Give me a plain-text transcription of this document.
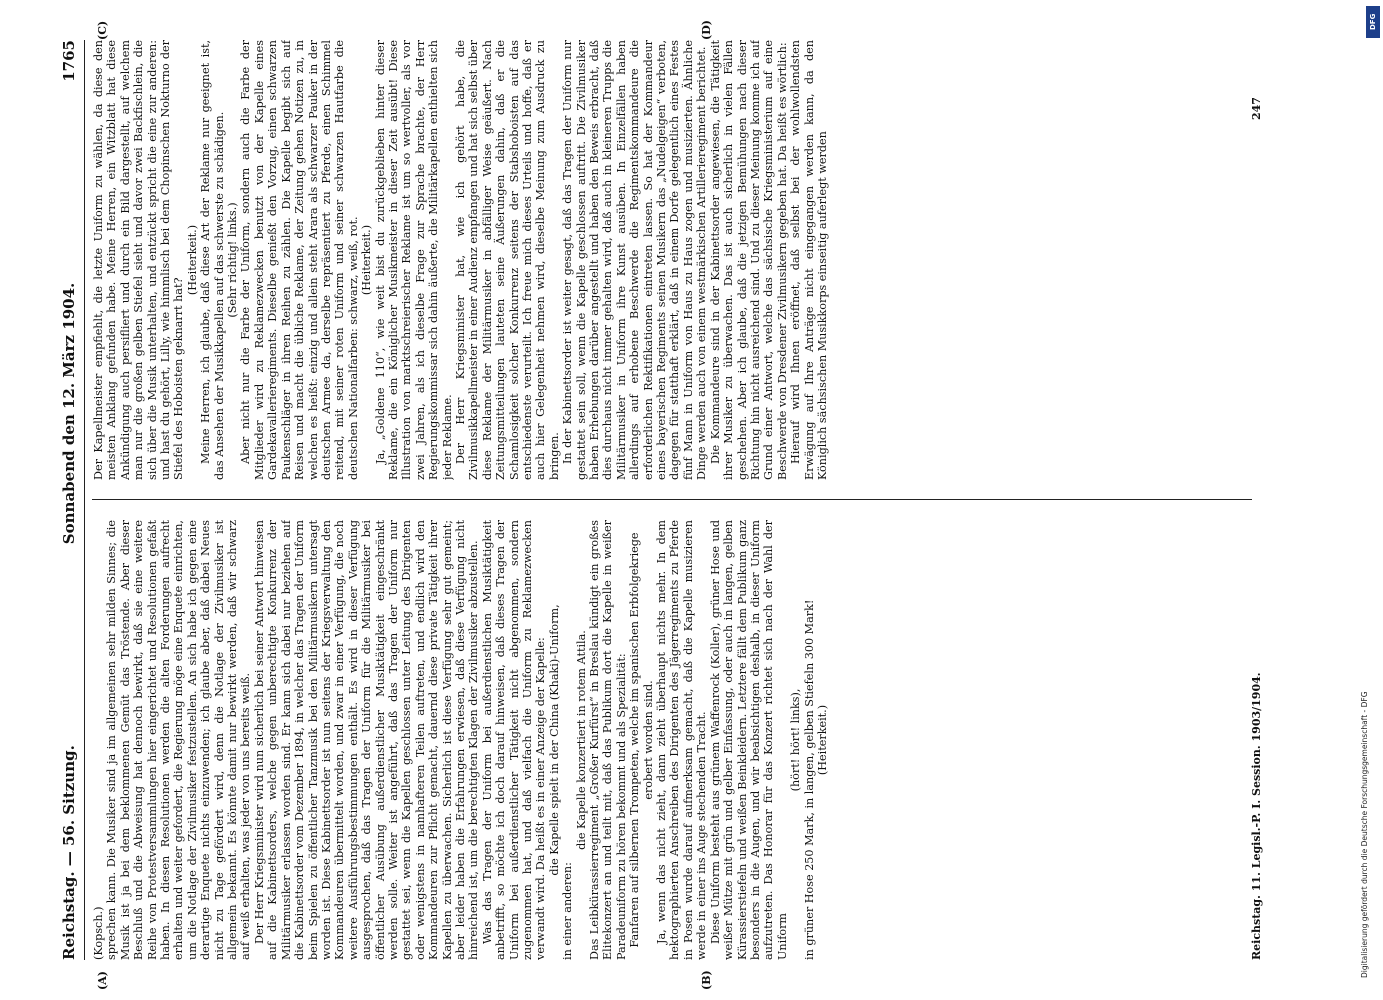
Reichstag. — 56. Sitzung.
Sonnabend den 12. März 1904.
1765
(A)	(B)
(C)	(D)

(Kopsch.) sprechen kann. Die Musiker sind ja im allgemeinen sehr milden Sinnes; die Musik ist ja bei dem beklommenen Gemüt das Tröstende. Aber dieser Beschluß und die Abweisung hat dennoch bewirkt, daß sie eine weitere Reihe von Protestversammlungen hier eingerichtet und Resolutionen gefaßt haben. In diesen Resolutionen werden die alten Forderungen aufrecht erhalten und weiter gefordert, die Regierung möge eine Enquete einrichten, um die Notlage der Zivilmusiker festzustellen. An sich habe ich gegen eine derartige Enquete nichts einzuwenden; ich glaube aber, daß dabei Neues nicht zu Tage gefördert wird, denn die Notlage der Zivilmusiker ist allgemein bekannt. Es könnte damit nur bewirkt werden, daß wir schwarz auf weiß erhalten, was jeder von uns bereits weiß. Der Herr Kriegsminister wird nun sicherlich bei seiner Antwort hinweisen auf die Kabinettsorders, welche gegen unberechtigte Konkurrenz der Militärmusiker erlassen worden sind. Er kann sich dabei nur beziehen auf die Kabinettsorder vom Dezember 1894, in welcher das Tragen der Uniform beim Spielen zu öffentlicher Tanzmusik bei den Militärmusikern untersagt worden ist. Diese Kabinettsorder ist nun seitens der Kriegsverwaltung den Kommandeuren übermittelt worden, und zwar in einer Verfügung, die noch weitere Ausführungsbestimmungen enthält. Es wird in dieser Verfügung ausgesprochen, daß das Tragen der Uniform für die Militärmusiker bei öffentlicher Ausübung außerdienstlicher Musiktätigkeit eingeschränkt werden solle. Weiter ist angeführt, daß das Tragen der Uniform nur gestattet sei, wenn die Kapellen geschlossen unter Leitung des Dirigenten oder wenigstens in namhafteren Teilen auftreten, und endlich wird den Kommandeuren zur Pflicht gemacht, dauernd diese private Tätigkeit ihrer Kapellen zu überwachen. Sicherlich ist diese Verfügung sehr gut gemeint; aber leider haben die Erfahrungen erwiesen, daß diese Verfügung nicht hinreichend ist, um die berechtigten Klagen der Zivilmusiker abzustellen. Was das Tragen der Uniform bei außerdienstlichen Musiktätigkeit anbetrifft, so möchte ich doch darauf hinweisen, daß dieses Tragen der Uniform bei außerdienstlicher Tätigkeit nicht abgenommen, sondern zugenommen hat, und daß vielfach die Uniform zu Reklamezwecken verwandt wird. Da heißt es in einer Anzeige der Kapelle: die Kapelle spielt in der China (Khaki)-Uniform,

in einer anderen:

die Kapelle konzertiert in rotem Attila. Das Leibkürassierregiment „Großer Kurfürst“ in Breslau kündigt ein großes Elitekonzert an und teilt mit, daß das Publikum dort die Kapelle in weißer Paradeuniform zu hören bekommt und als Spezialität: Fanfaren auf silbernen Trompeten, welche im spanischen Erbfolgekriege erobert worden sind. Ja, wenn das nicht zieht, dann zieht überhaupt nichts mehr. In dem hektographierten Anschreiben des Dirigenten des Jägerregiments zu Pferde in Posen wurde darauf aufmerksam gemacht, daß die Kapelle musizieren werde in einer ins Auge stechenden Tracht. Diese Uniform besteht aus grünem Waffenrock (Koller), grüner Hose und weißer Mütze mit grün und gelber Einfassung, oder auch in langen, gelben Kürassierstiefeln und weißen Beinkleidern. Letztere fällt dem Publikum ganz besonders in die Augen, und wir beabsichtigen deshalb, in dieser Uniform aufzutreten. Das Honorar für das Konzert richtet sich nach der Wahl der Uniform

(hört! hört! links), in grüner Hose 250 Mark, in langen, gelben Stiefeln 300 Mark! (Heiterkeit.)

Der Kapellmeister empfiehlt, die letzte Uniform zu wählen, da diese den meisten Anklang gefunden habe. Meine Herren, ein Witzblatt hat diese Ankündigung auch persifliert und durch ein Bild dargestellt, auf welchem man nur die großen gelben Stiefel sieht und davor zwei Backfischlein, die sich über die Musik unterhalten, und entzückt spricht die eine zur anderen: und hast du gehört, Lilly, wie himmlisch bei dem Chopinschen Nokturno der Stiefel des Hoboisten geknarrt hat?

(Heiterkeit.) Meine Herren, ich glaube, daß diese Art der Reklame nur geeignet ist, das Ansehen der Musikkapellen auf das schwerste zu schädigen. (Sehr richtig! links.) Aber nicht nur die Farbe der Uniform, sondern auch die Farbe der Mitglieder wird zu Reklamezwecken benutzt von der Kapelle eines Gardekavallerieregiments. Dieselbe genießt den Vorzug, einen schwarzen Paukenschläger in ihren Reihen zu zählen. Die Kapelle begibt sich auf Reisen und macht die übliche Reklame, der Zeitung gehen Notizen zu, in welchen es heißt: einzig und allein steht Arara als schwarzer Pauker in der deutschen Armee da, derselbe repräsentiert zu Pferde, einen Schimmel reitend, mit seiner roten Uniform und seiner schwarzen Hautfarbe die deutschen Nationalfarben: schwarz, weiß, rot. (Heiterkeit.) Ja, „Goldene 110“, wie weit bist du zurückgeblieben hinter dieser Reklame, die ein Königlicher Musikmeister in dieser Zeit ausübt! Diese Illustration von marktschreierischer Reklame ist um so wertvoller, als vor zwei Jahren, als ich dieselbe Frage zur Sprache brachte, der Herr Regierungskommissar sich dahin äußerte, die Militärkapellen enthielten sich jeder Reklame. Der Herr Kriegsminister hat, wie ich gehört habe, die Zivilmusikkapellmeister in einer Audienz empfangen und hat sich selbst über diese Reklame der Militärmusiker in abfälliger Weise geäußert. Nach Zeitungsmitteilungen lauteten seine Äußerungen dahin, daß er die Schamlosigkeit solcher Konkurrenz seitens der Stabshoboisten auf das entschiedenste verurteilt. Ich freue mich dieses Urteils und hoffe, daß er auch hier Gelegenheit nehmen wird, dieselbe Meinung zum Ausdruck zu bringen. In der Kabinettsorder ist weiter gesagt, daß das Tragen der Uniform nur gestattet sein soll, wenn die Kapelle geschlossen auftritt. Die Zivilmusiker haben Erhebungen darüber angestellt und haben den Beweis erbracht, daß dies durchaus nicht immer gehalten wird, daß auch in kleineren Trupps die Militärmusiker in Uniform ihre Kunst ausüben. In Einzelfällen haben allerdings auf erhobene Beschwerde die Regimentskommandeure die erforderlichen Rektifikationen eintreten lassen. So hat der Kommandeur eines bayerischen Regiments seinen Musikern das „Nudelgeigen“ verboten, dagegen für statthaft erklärt, daß in einem Dorfe gelegentlich eines Festes fünf Mann in Uniform von Haus zu Haus zogen und musizierten. Ähnliche Dinge werden auch von einem westmärkischen Artillerieregiment berichtet. Die Kommandeure sind in der Kabinettsorder angewiesen, die Tätigkeit ihrer Musiker zu überwachen. Das ist auch sicherlich in vielen Fällen geschehen. Aber ich glaube, daß die jetzigen Bemühungen nach dieser Richtung hin nicht ausreichend sind. Und zu dieser Meinung komme ich auf Grund einer Antwort, welche das sächsische Kriegsministerium auf eine Beschwerde von Dresdener Zivilmusikern gegeben hat. Da heißt es wörtlich: Hierauf wird Ihnen eröffnet, daß selbst bei der wohlwollendsten Erwägung auf Ihre Anträge nicht eingegangen werden kann, da den Königlich sächsischen Musikkorps einseitig auferlegt werden

Reichstag. 11. Legisl.-P. I. Session. 1903/1904.
247
DFG
Digitalisierung gefördert durch die Deutsche Forschungsgemeinschaft - DFG
